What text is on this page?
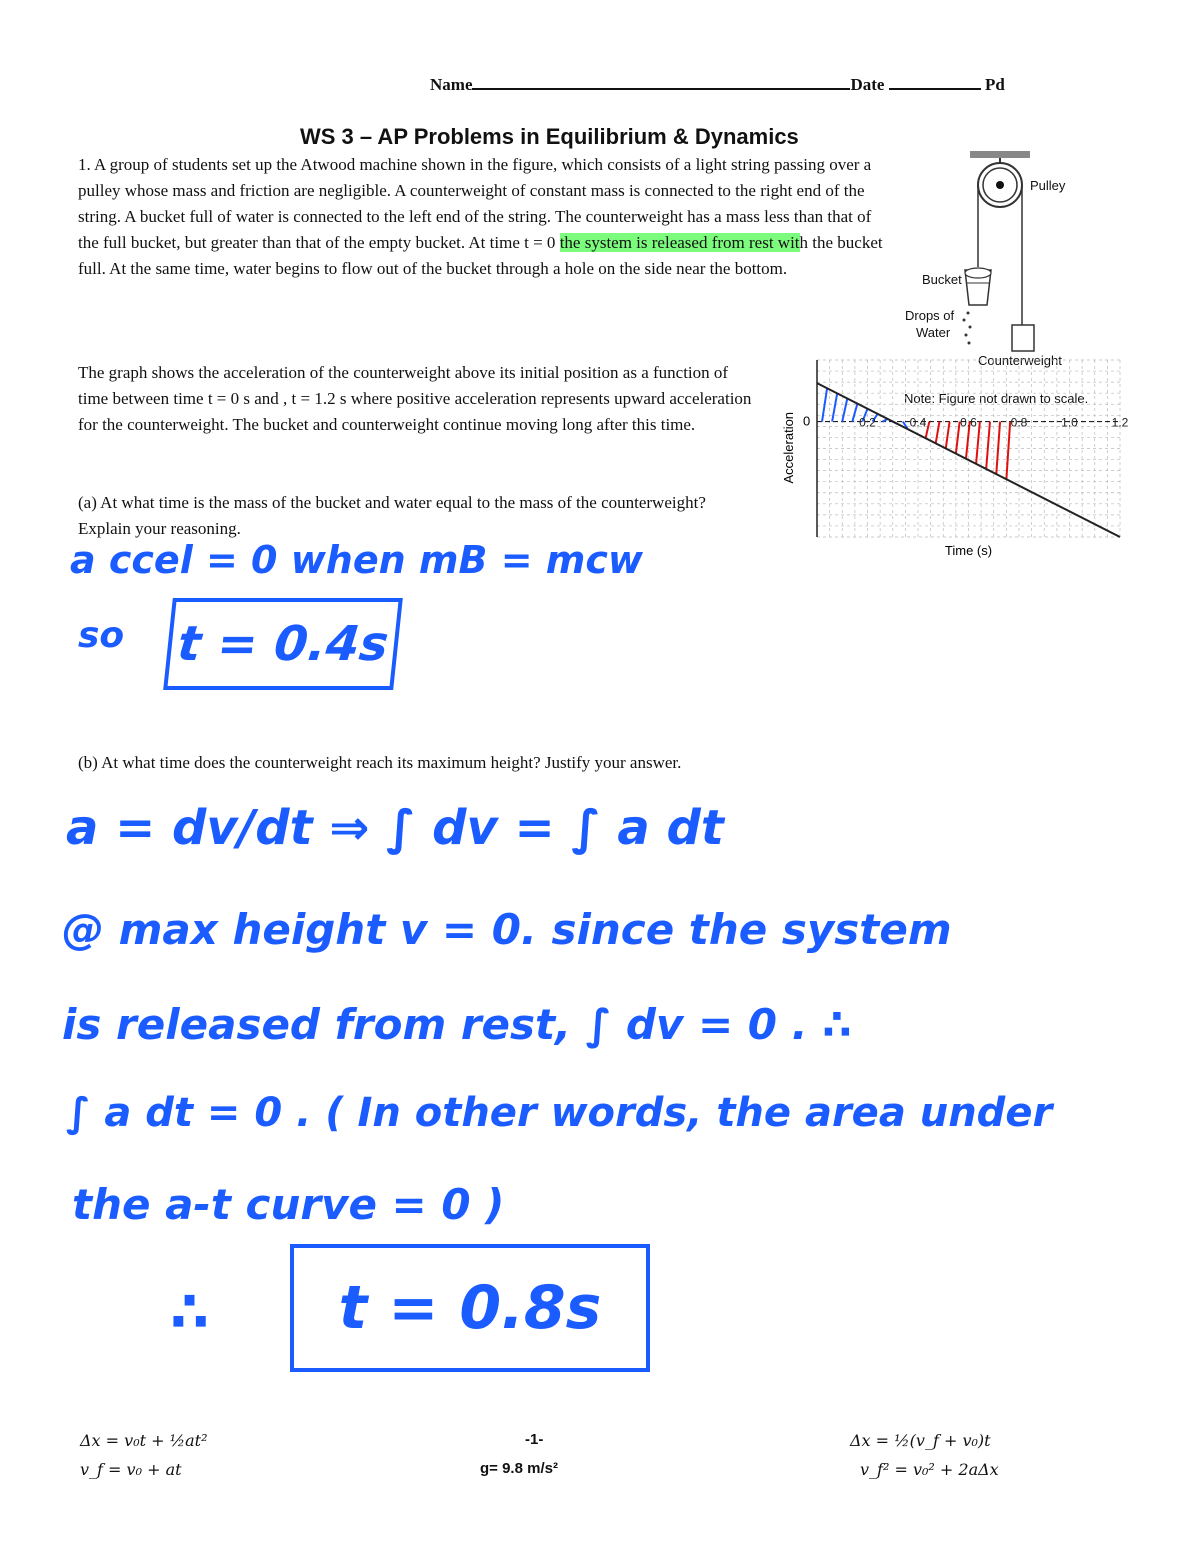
Name	Date	Pd
WS 3 – AP Problems in Equilibrium & Dynamics
1. A group of students set up the Atwood machine shown in the figure, which consists of a light string passing over a pulley whose mass and friction are negligible. A counterweight of constant mass is connected to the right end of the string. A bucket full of water is connected to the left end of the string. The counterweight has a mass less than that of the full bucket, but greater than that of the empty bucket. At time t = 0 the system is released from rest with the bucket full. At the same time, water begins to flow out of the bucket through a hole on the side near the bottom.
The graph shows the acceleration of the counterweight above its initial position as a function of time between time t = 0 s and , t = 1.2 s where positive acceleration represents upward acceleration for the counterweight. The bucket and counterweight continue moving long after this time.
(a) At what time is the mass of the bucket and water equal to the mass of the counterweight? Explain your reasoning.
Pulley
Bucket
Drops of
Water
Counterweight
Note: Figure not drawn to scale.
0.2	0.4	0.6	0.8	1.0	1.2
0
Acceleration
Time (s)
a ccel = 0 when mB = mcw
so t = 0.4s
(b) At what time does the counterweight reach its maximum height? Justify your answer.
a = dv/dt ⇒ ∫ dv = ∫ a dt
@ max height v = 0. since the system
is released from rest, ∫ dv = 0 . ∴
∫ a dt = 0 . ( In other words, the area under
the a-t curve = 0 )
∴ t = 0.8s
Δx = v₀t + ½at²
v_f = v₀ + at
-1-
g= 9.8 m/s²
Δx = ½(v_f + v₀)t
v_f² = v₀² + 2aΔx
